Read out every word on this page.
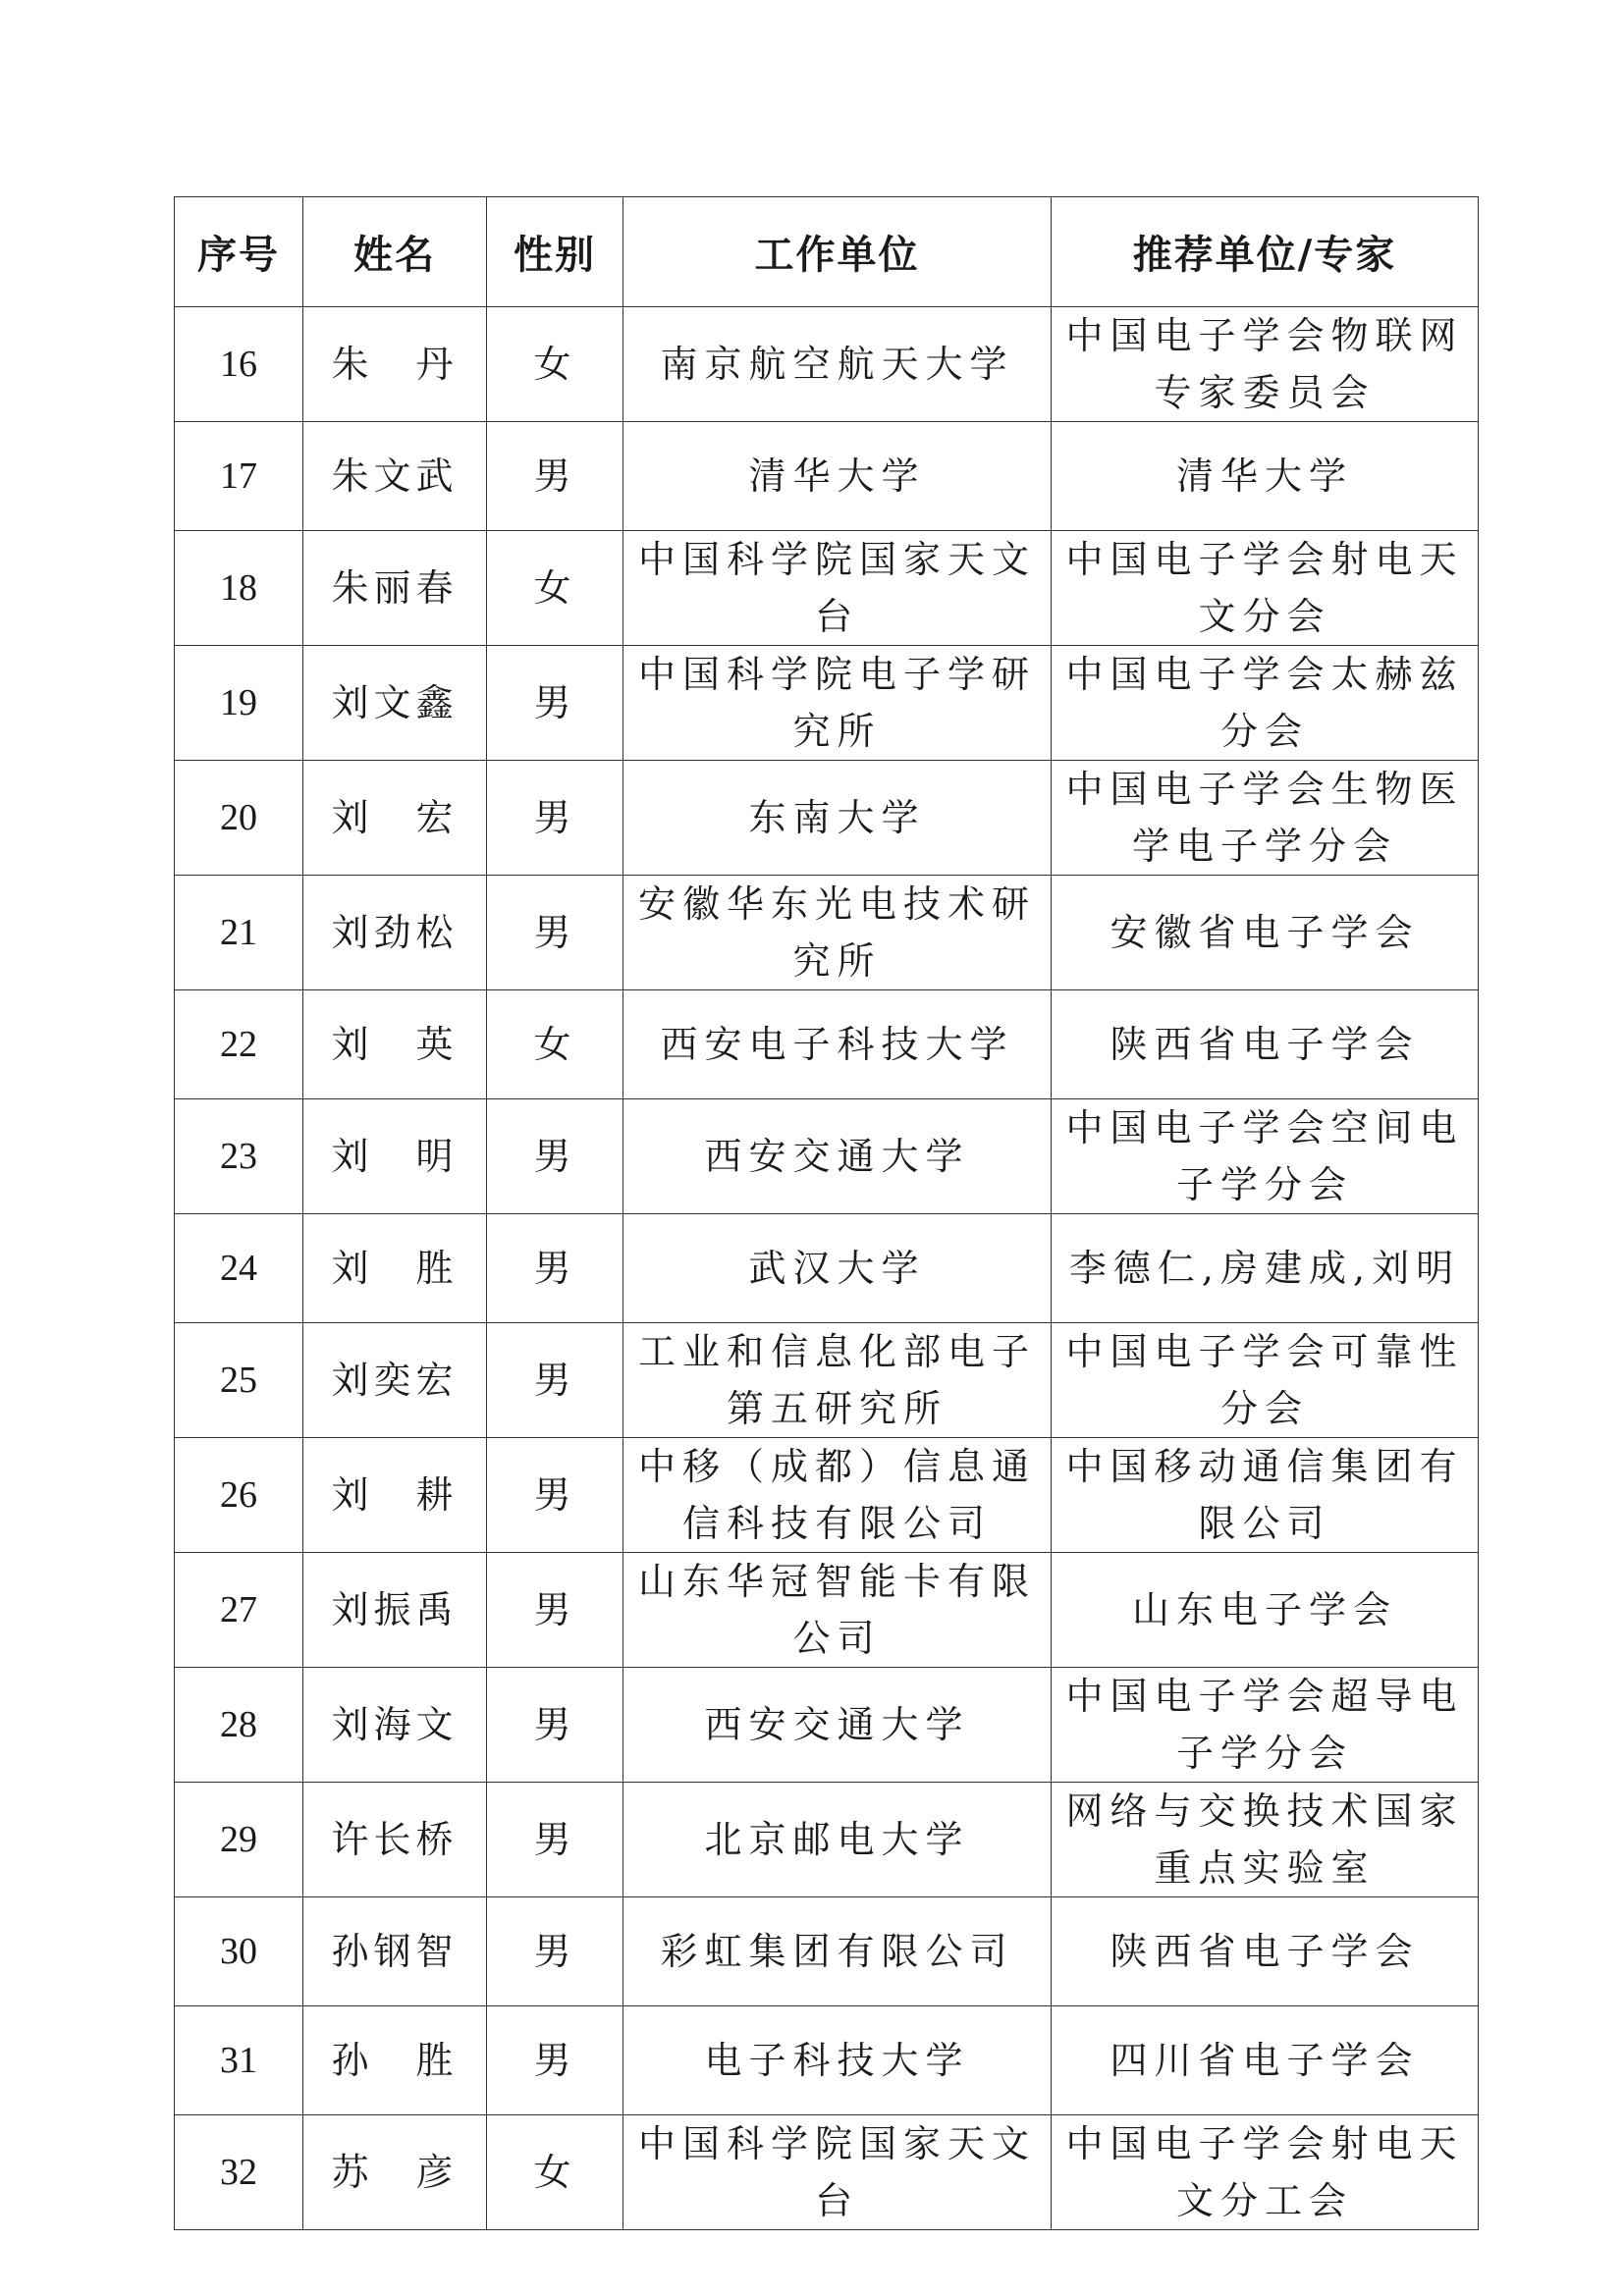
序号	姓名	性别	工作单位	推荐单位/专家
16	朱　丹	女	南京航空航天大学	中国电子学会物联网专家委员会
17	朱文武	男	清华大学	清华大学
18	朱丽春	女	中国科学院国家天文台	中国电子学会射电天文分会
19	刘文鑫	男	中国科学院电子学研究所	中国电子学会太赫兹分会
20	刘　宏	男	东南大学	中国电子学会生物医学电子学分会
21	刘劲松	男	安徽华东光电技术研究所	安徽省电子学会
22	刘　英	女	西安电子科技大学	陕西省电子学会
23	刘　明	男	西安交通大学	中国电子学会空间电子学分会
24	刘　胜	男	武汉大学	李德仁,房建成,刘明
25	刘奕宏	男	工业和信息化部电子第五研究所	中国电子学会可靠性分会
26	刘　耕	男	中移（成都）信息通信科技有限公司	中国移动通信集团有限公司
27	刘振禹	男	山东华冠智能卡有限公司	山东电子学会
28	刘海文	男	西安交通大学	中国电子学会超导电子学分会
29	许长桥	男	北京邮电大学	网络与交换技术国家重点实验室
30	孙钢智	男	彩虹集团有限公司	陕西省电子学会
31	孙　胜	男	电子科技大学	四川省电子学会
32	苏　彦	女	中国科学院国家天文台	中国电子学会射电天文分工会
